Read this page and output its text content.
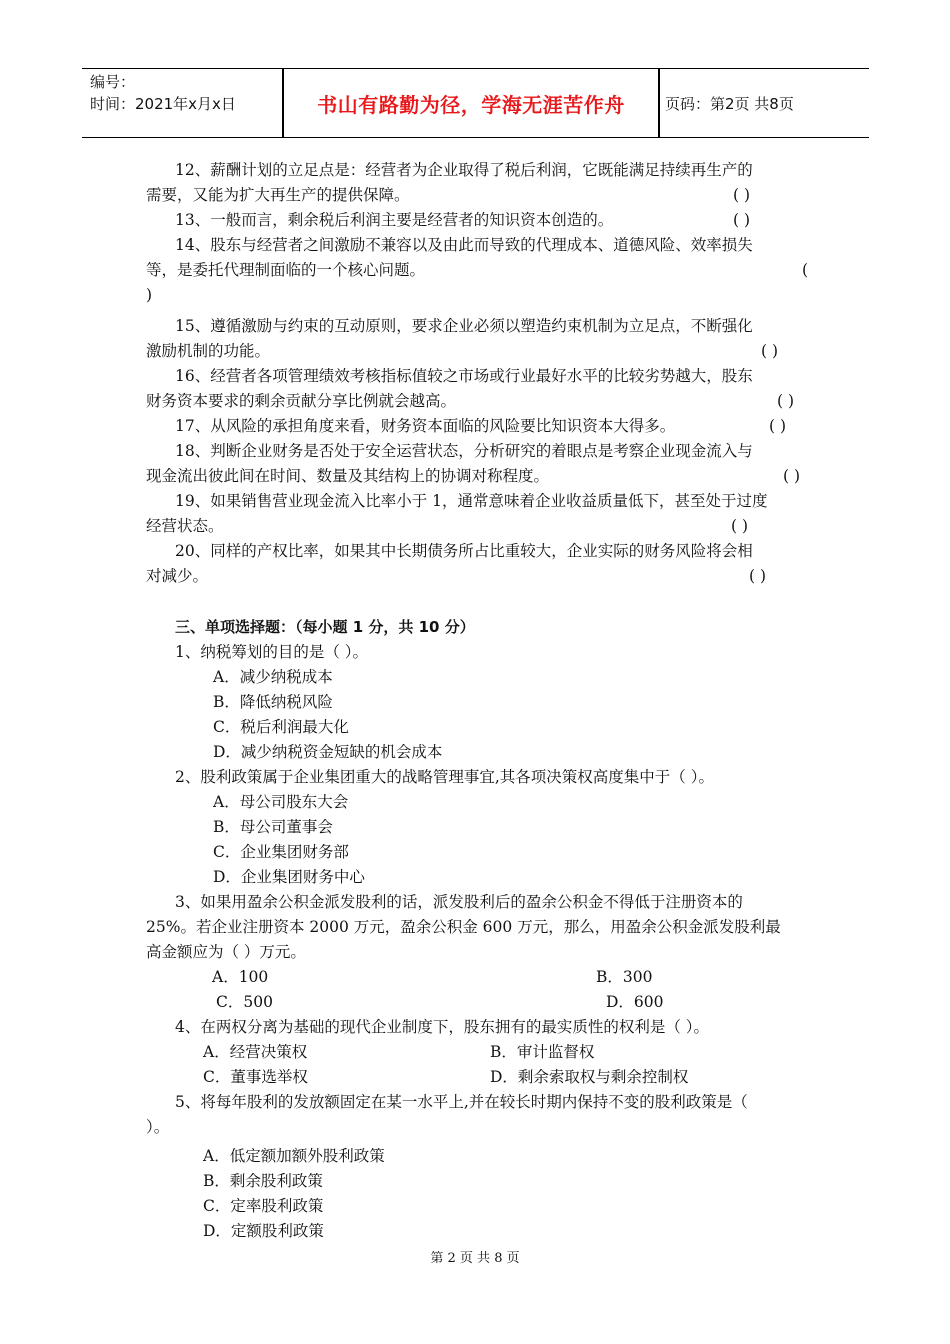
编号：
时间：2021年x月x日	书山有路勤为径，学海无涯苦作舟	页码：第2页 共8页
12、薪酬计划的立足点是：经营者为企业取得了税后利润，它既能满足持续再生产的
需要，又能为扩大再生产的提供保障。	( )
13、一般而言，剩余税后利润主要是经营者的知识资本创造的。	( )
14、股东与经营者之间激励不兼容以及由此而导致的代理成本、道德风险、效率损失
等，是委托代理制面临的一个核心问题。	(
)
15、遵循激励与约束的互动原则，要求企业必须以塑造约束机制为立足点，不断强化
激励机制的功能。	( )
16、经营者各项管理绩效考核指标值较之市场或行业最好水平的比较劣势越大，股东
财务资本要求的剩余贡献分享比例就会越高。	( )
17、从风险的承担角度来看，财务资本面临的风险要比知识资本大得多。	( )
18、判断企业财务是否处于安全运营状态，分析研究的着眼点是考察企业现金流入与
现金流出彼此间在时间、数量及其结构上的协调对称程度。	( )
19、如果销售营业现金流入比率小于 1，通常意味着企业收益质量低下，甚至处于过度
经营状态。	( )
20、同样的产权比率，如果其中长期债务所占比重较大，企业实际的财务风险将会相
对减少。	( )
三、单项选择题：（每小题 1 分，共 10 分）
1、纳税筹划的目的是（ ）。
A．减少纳税成本
B．降低纳税风险
C．税后利润最大化
D．减少纳税资金短缺的机会成本
2、股利政策属于企业集团重大的战略管理事宜,其各项决策权高度集中于（ ）。
A．母公司股东大会
B．母公司董事会
C．企业集团财务部
D．企业集团财务中心
3、如果用盈余公积金派发股利的话，派发股利后的盈余公积金不得低于注册资本的
25%。若企业注册资本 2000 万元，盈余公积金 600 万元，那么，用盈余公积金派发股利最
高金额应为（ ）万元。
A．100	B．300
C．500	D．600
4、在两权分离为基础的现代企业制度下，股东拥有的最实质性的权利是（ ）。
A．经营决策权	B．审计监督权
C．董事选举权	D．剩余索取权与剩余控制权
5、将每年股利的发放额固定在某一水平上,并在较长时期内保持不变的股利政策是（
）。
A．低定额加额外股利政策
B．剩余股利政策
C．定率股利政策
D．定额股利政策
第 2 页 共 8 页
